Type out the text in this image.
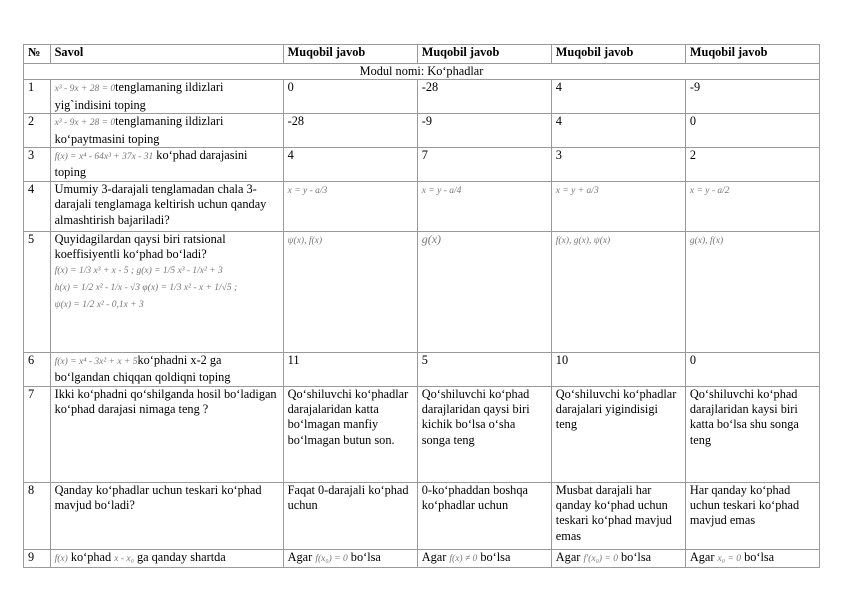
№	Savol	Muqobil javob	Muqobil javob	Muqobil javob	Muqobil javob
Modul nomi: Ko‘phadlar					
1	x³ - 9x + 28 = 0tenglamaning ildizlari yig`indisini toping	0	-28	4	-9
2	x³ - 9x + 28 = 0tenglamaning ildizlari ko‘paytmasini toping	-28	-9	4	0
3	f(x) = x⁴ - 64x³ + 37x - 31 ko‘phad darajasini toping	4	7	3	2
4	Umumiy 3-darajali tenglamadan chala 3-darajali tenglamaga keltirish uchun qanday almashtirish bajariladi?	x = y - a/3	x = y - a/4	x = y + a/3	x = y - a/2
5	Quyidagilardan qaysi biri ratsional koeffisiyentli ko‘phad bo‘ladi?
f(x) = 1/3 x³ + x - 5 ; g(x) = 1/5 x³ - 1/x² + 3
h(x) = 1/2 x² - 1/x - √3 φ(x) = 1/3 x² - x + 1/√5 ;
ψ(x) = 1/2 x² - 0,1x + 3	ψ(x), f(x)	g(x)	f(x), g(x), ψ(x)	g(x), f(x)
6	f(x) = x⁴ - 3x² + x + 5ko‘phadni x-2 ga bo‘lgandan chiqqan qoldiqni toping	11	5	10	0
7	Ikki ko‘phadni qo‘shilganda hosil bo‘ladigan ko‘phad darajasi nimaga teng ?	Qo‘shiluvchi ko‘phadlar darajalaridan katta bo‘lmagan manfiy bo‘lmagan butun son.	Qo‘shiluvchi ko‘phad darajlaridan qaysi biri kichik bo‘lsa o‘sha songa teng	Qo‘shiluvchi ko‘phadlar darajalari yigindisigi teng	Qo‘shiluvchi ko‘phad darajlaridan kaysi biri katta bo‘lsa shu songa teng
8	Qanday ko‘phadlar uchun teskari ko‘phad mavjud bo‘ladi?	Faqat 0-darajali ko‘phad uchun	0-ko‘phaddan boshqa ko‘phadlar uchun	Musbat darajali har qanday ko‘phad uchun teskari ko‘phad mavjud emas	Har qanday ko‘phad uchun teskari ko‘phad mavjud emas
9	f(x) ko‘phad x - x₀ ga qanday shartda	Agar f(x₀) = 0 bo‘lsa	Agar f(x) ≠ 0 bo‘lsa	Agar f′(x₀) = 0 bo‘lsa	Agar x₀ = 0 bo‘lsa
